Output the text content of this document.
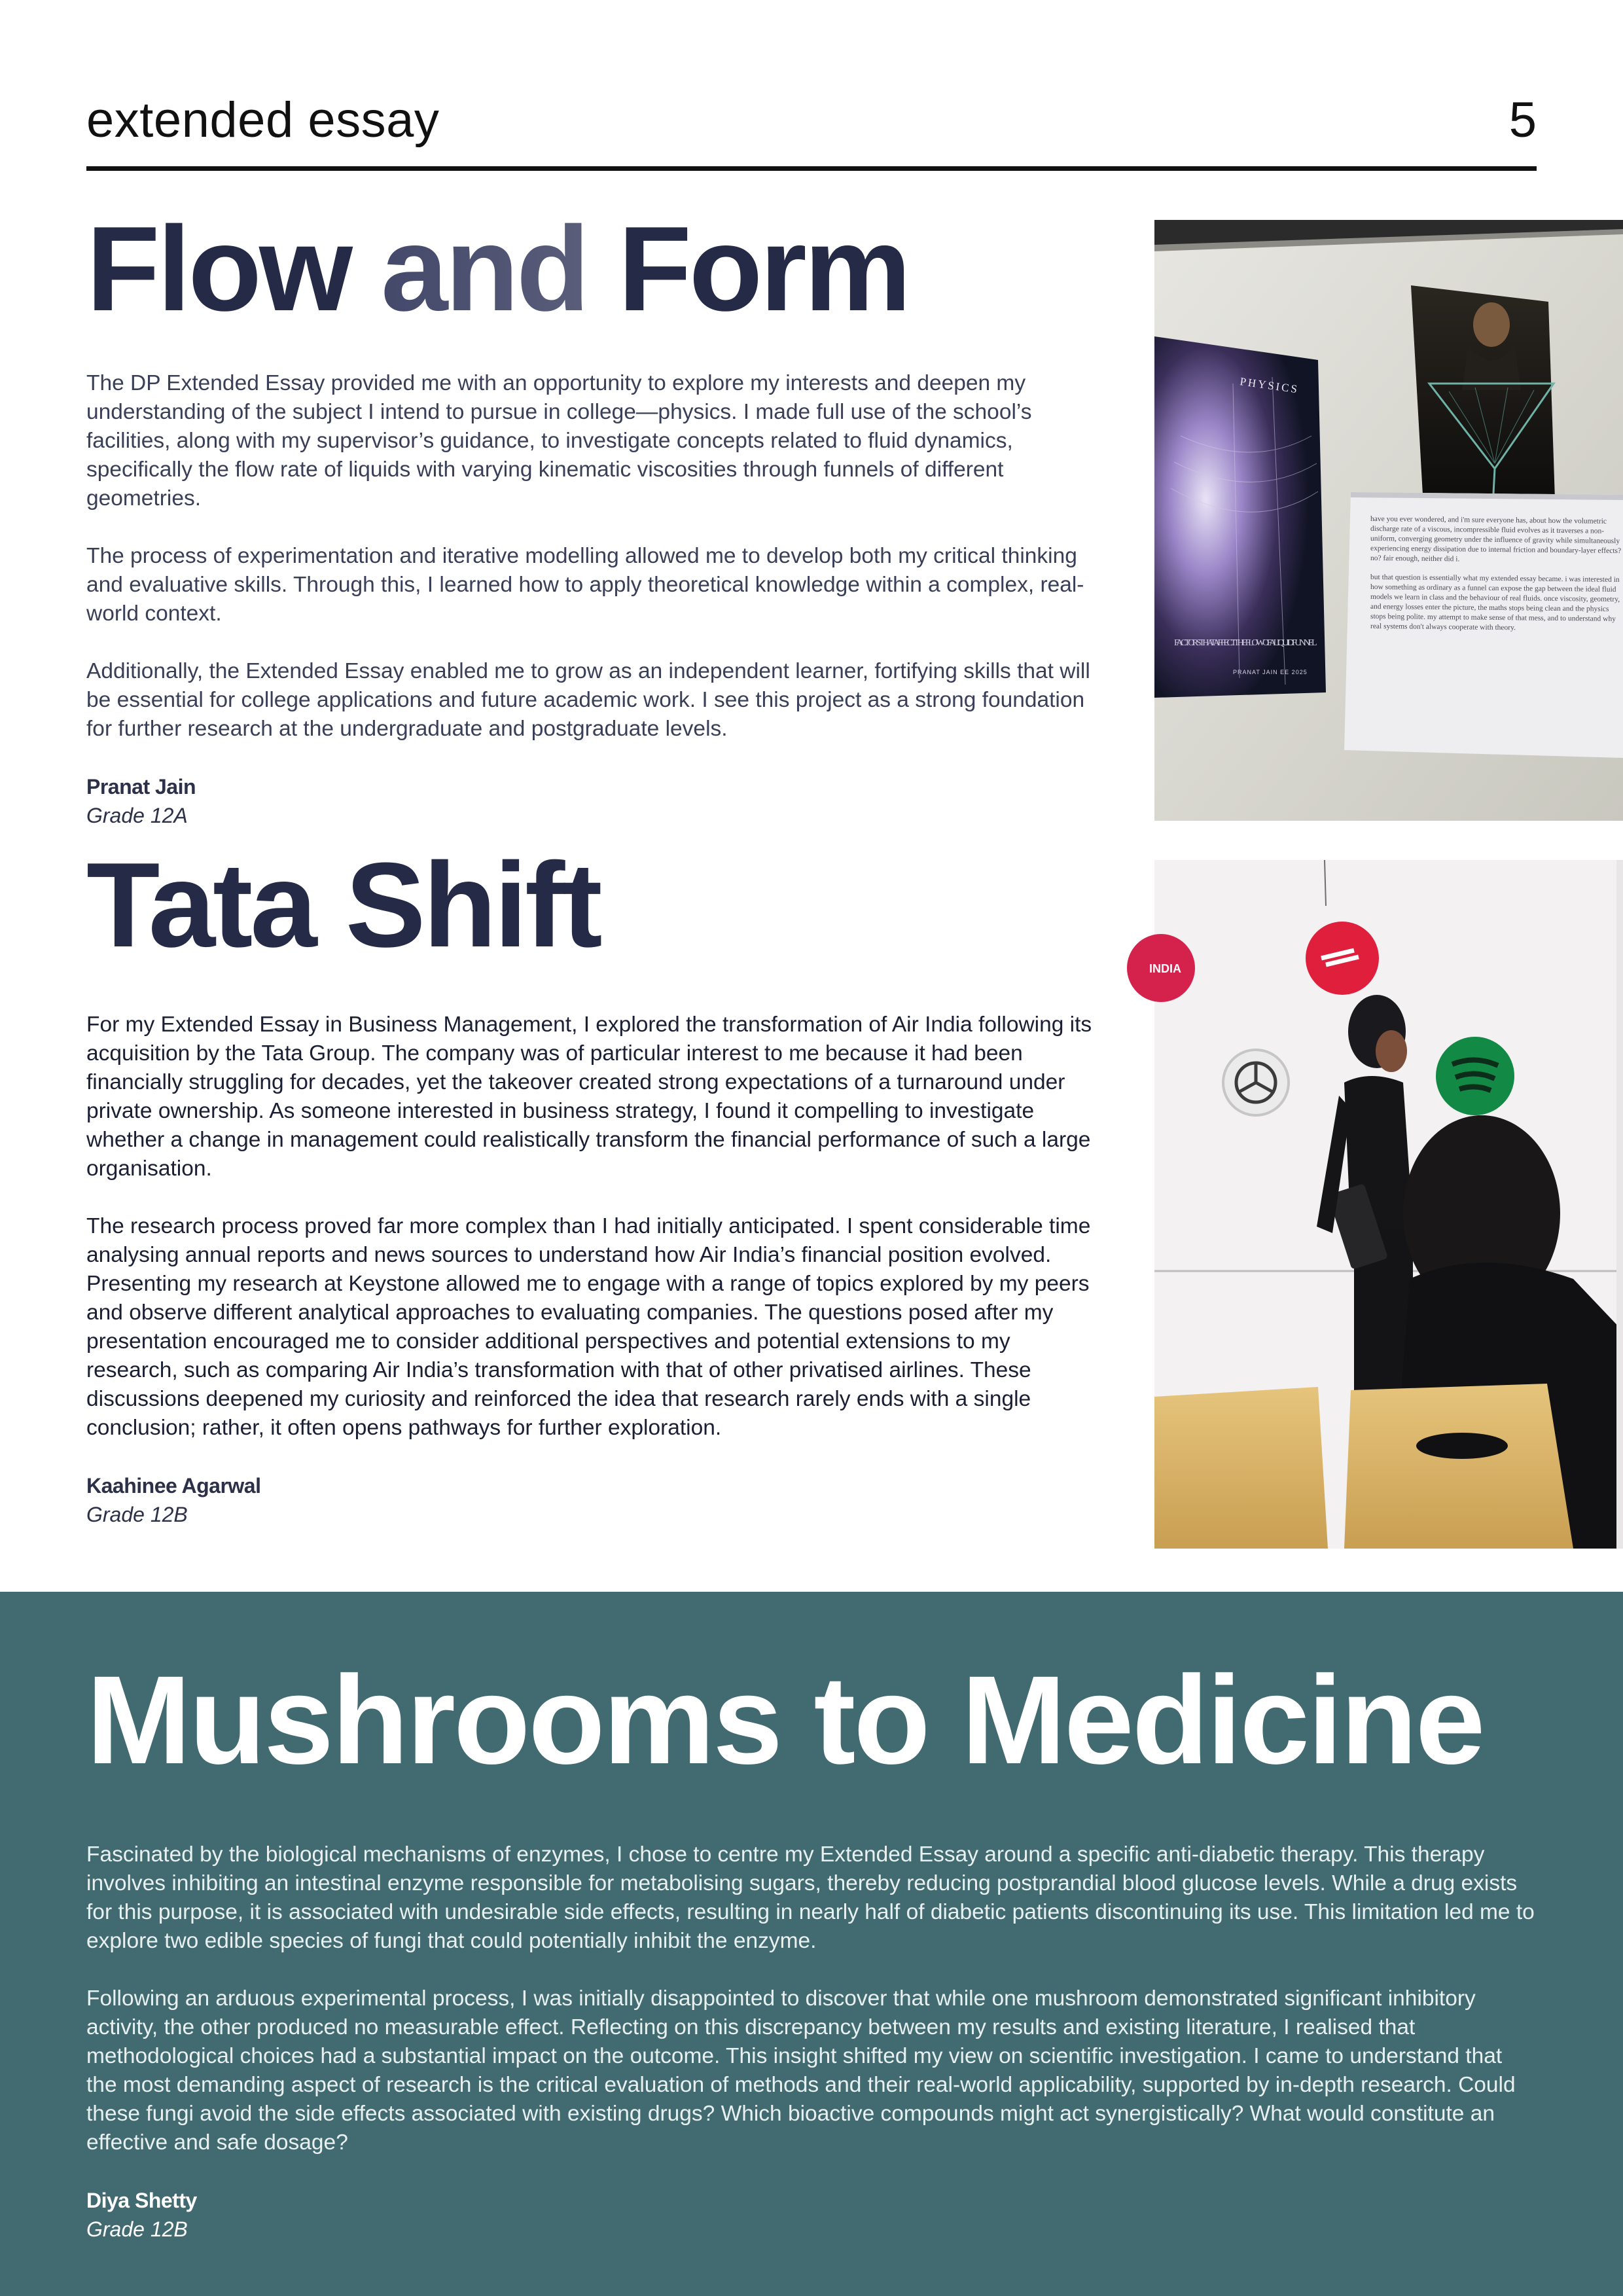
extended essay	5
Flow and Form

The DP Extended Essay provided me with an opportunity to explore my interests and deepen my understanding of the subject I intend to pursue in college—physics. I made full use of the school’s facilities, along with my supervisor’s guidance, to investigate concepts related to fluid dynamics, specifically the flow rate of liquids with varying kinematic viscosities through funnels of different geometries.

The process of experimentation and iterative modelling allowed me to develop both my critical thinking and evaluative skills. Through this, I learned how to apply theoretical knowledge within a complex, real-world context.

Additionally, the Extended Essay enabled me to grow as an independent learner, fortifying skills that will be essential for college applications and future academic work. I see this project as a strong foundation for further research at the undergraduate and postgraduate levels.

Pranat Jain
Grade 12A
PHYSICS
FACTORS THAT AFFECT THE FLOW OF A LIQUID FUNNEL
PRANAT JAIN EE 2025

have you ever wondered, and i'm sure everyone has, about how the volumetric discharge rate of a viscous, incompressible fluid evolves as it traverses a non-uniform, converging geometry under the influence of gravity while simultaneously experiencing energy dissipation due to internal friction and boundary-layer effects? no? fair enough, neither did i.

but that question is essentially what my extended essay became. i was interested in how something as ordinary as a funnel can expose the gap between the ideal fluid models we learn in class and the behaviour of real fluids. once viscosity, geometry, and energy losses enter the picture, the maths stops being clean and the physics stops being polite. my attempt to make sense of that mess, and to understand why real systems don't always cooperate with theory.

Tata Shift

For my Extended Essay in Business Management, I explored the transformation of Air India following its acquisition by the Tata Group. The company was of particular interest to me because it had been financially struggling for decades, yet the takeover created strong expectations of a turnaround under private ownership. As someone interested in business strategy, I found it compelling to investigate whether a change in management could realistically transform the financial performance of such a large organisation.

The research process proved far more complex than I had initially anticipated. I spent considerable time analysing annual reports and news sources to understand how Air India’s financial position evolved. Presenting my research at Keystone allowed me to engage with a range of topics explored by my peers and observe different analytical approaches to evaluating companies. The questions posed after my presentation encouraged me to consider additional perspectives and potential extensions to my research, such as comparing Air India’s transformation with that of other privatised airlines. These discussions deepened my curiosity and reinforced the idea that research rarely ends with a single conclusion; rather, it often opens pathways for further exploration.

Kaahinee Agarwal
Grade 12B
INDIA
Mushrooms to Medicine

Fascinated by the biological mechanisms of enzymes, I chose to centre my Extended Essay around a specific anti-diabetic therapy. This therapy involves inhibiting an intestinal enzyme responsible for metabolising sugars, thereby reducing postprandial blood glucose levels. While a drug exists for this purpose, it is associated with undesirable side effects, resulting in nearly half of diabetic patients discontinuing its use. This limitation led me to explore two edible species of fungi that could potentially inhibit the enzyme.

Following an arduous experimental process, I was initially disappointed to discover that while one mushroom demonstrated significant inhibitory activity, the other produced no measurable effect. Reflecting on this discrepancy between my results and existing literature, I realised that methodological choices had a substantial impact on the outcome. This insight shifted my view on scientific investigation. I came to understand that the most demanding aspect of research is the critical evaluation of methods and their real-world applicability, supported by in-depth research. Could these fungi avoid the side effects associated with existing drugs? Which bioactive compounds might act synergistically? What would constitute an effective and safe dosage?

Diya Shetty
Grade 12B
